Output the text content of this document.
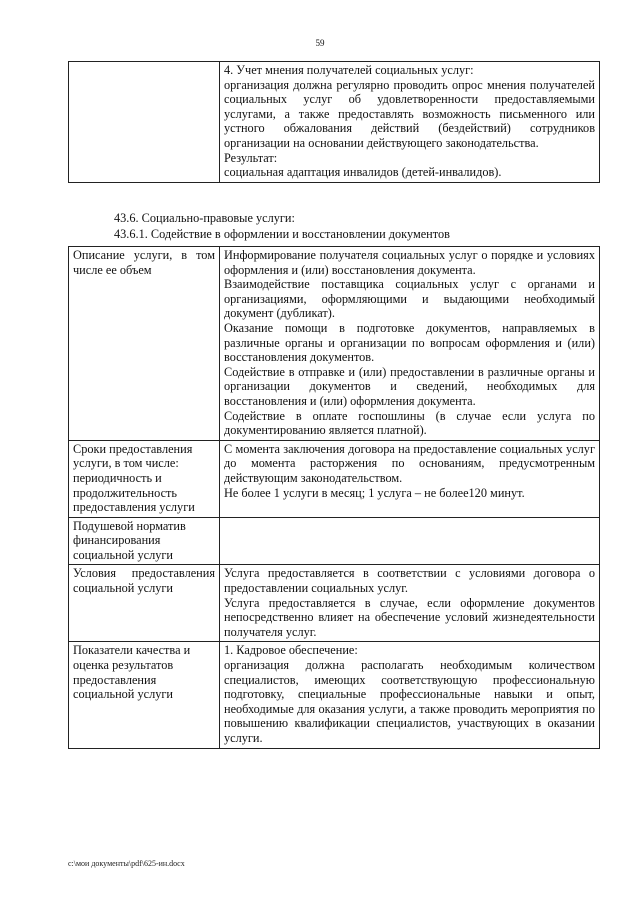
59

4. Учет мнения получателей социальных услуг:
организация должна регулярно проводить опрос мнения получателей социальных услуг об удовлетворенности предоставляемыми услугами, а также предоставлять возможность письменного или устного обжалования действий (бездействий) сотрудников организации на основании действующего законодательства.
Результат:
социальная адаптация инвалидов (детей-инвалидов).
43.6. Социально-правовые услуги:
43.6.1. Содействие в оформлении и восстановлении документов
Описание услуги, в том числе ее объем	Информирование получателя социальных услуг о порядке и условиях оформления и (или) восстановления документа.
Взаимодействие поставщика социальных услуг с органами и организациями, оформляющими и выдающими необходимый документ (дубликат).
Оказание помощи в подготовке документов, направляемых в различные органы и организации по вопросам оформления и (или) восстановления документов.
Содействие в отправке и (или) предоставлении в различные органы и организации документов и сведений, необходимых для восстановления и (или) оформления документа.
Содействие в оплате госпошлины (в случае если услуга по документированию является платной).

Сроки предоставления услуги, в том числе: периодичность и продолжительность предоставления услуги	С момента заключения договора на предоставление социальных услуг до момента расторжения по основаниям, предусмотренным действующим законодательством.
Не более 1 услуги в месяц; 1 услуга – не более120 минут.

Подушевой норматив финансирования социальной услуги	
Условия предоставления социальной услуги	Услуга предоставляется в соответствии с условиями договора о предоставлении социальных услуг.
Услуга предоставляется в случае, если оформление документов непосредственно влияет на обеспечение условий жизнедеятельности получателя услуг.

Показатели качества и оценка результатов предоставления социальной услуги	1. Кадровое обеспечение:
организация должна располагать необходимым количеством специалистов, имеющих соответствующую профессиональную подготовку, специальные профессиональные навыки и опыт, необходимые для оказания услуги, а также проводить мероприятия по повышению квалификации специалистов, участвующих в оказании услуги.
c:\мои документы\pdf\625-ин.docx
